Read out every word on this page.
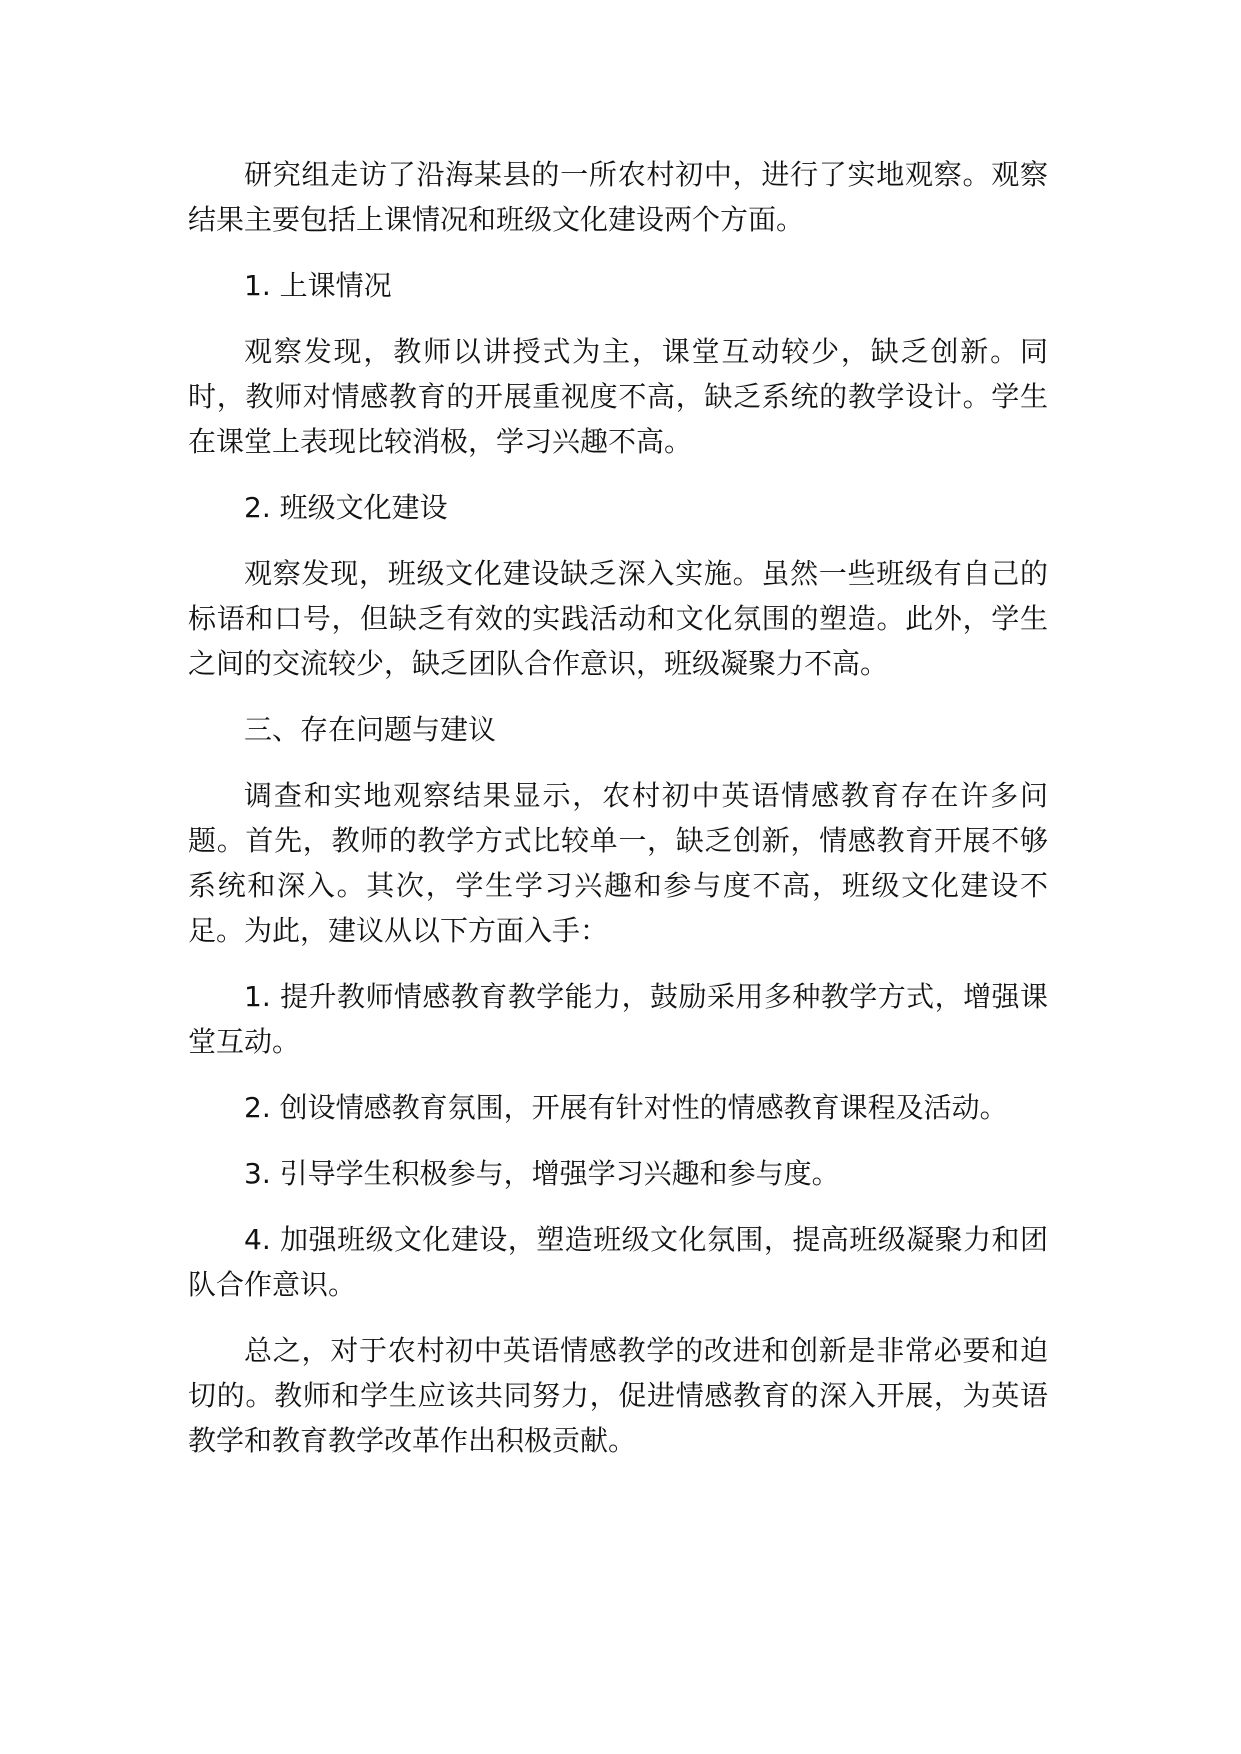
研究组走访了沿海某县的一所农村初中，进行了实地观察。观察结果主要包括上课情况和班级文化建设两个方面。

1. 上课情况

观察发现，教师以讲授式为主，课堂互动较少，缺乏创新。同时，教师对情感教育的开展重视度不高，缺乏系统的教学设计。学生在课堂上表现比较消极，学习兴趣不高。

2. 班级文化建设

观察发现，班级文化建设缺乏深入实施。虽然一些班级有自己的标语和口号，但缺乏有效的实践活动和文化氛围的塑造。此外，学生之间的交流较少，缺乏团队合作意识，班级凝聚力不高。

三、存在问题与建议

调查和实地观察结果显示，农村初中英语情感教育存在许多问题。首先，教师的教学方式比较单一，缺乏创新，情感教育开展不够系统和深入。其次，学生学习兴趣和参与度不高，班级文化建设不足。为此，建议从以下方面入手：

1. 提升教师情感教育教学能力，鼓励采用多种教学方式，增强课堂互动。

2. 创设情感教育氛围，开展有针对性的情感教育课程及活动。

3. 引导学生积极参与，增强学习兴趣和参与度。

4. 加强班级文化建设，塑造班级文化氛围，提高班级凝聚力和团队合作意识。

总之，对于农村初中英语情感教学的改进和创新是非常必要和迫切的。教师和学生应该共同努力，促进情感教育的深入开展，为英语教学和教育教学改革作出积极贡献。
